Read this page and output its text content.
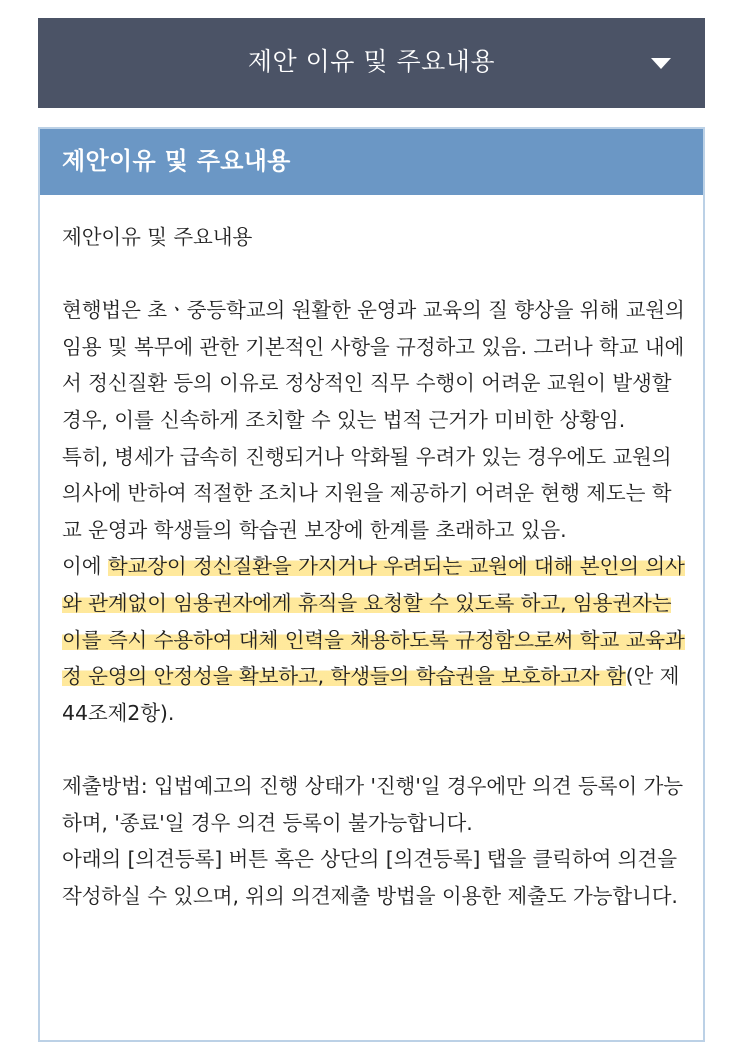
제안 이유 및 주요내용
제안이유 및 주요내용

제안이유 및 주요내용

현행법은 초ㆍ중등학교의 원활한 운영과 교육의 질 향상을 위해 교원의 임용 및 복무에 관한 기본적인 사항을 규정하고 있음. 그러나 학교 내에서 정신질환 등의 이유로 정상적인 직무 수행이 어려운 교원이 발생할 경우, 이를 신속하게 조치할 수 있는 법적 근거가 미비한 상황임.

특히, 병세가 급속히 진행되거나 악화될 우려가 있는 경우에도 교원의 의사에 반하여 적절한 조치나 지원을 제공하기 어려운 현행 제도는 학교 운영과 학생들의 학습권 보장에 한계를 초래하고 있음.

이에 학교장이 정신질환을 가지거나 우려되는 교원에 대해 본인의 의사와 관계없이 임용권자에게 휴직을 요청할 수 있도록 하고, 임용권자는 이를 즉시 수용하여 대체 인력을 채용하도록 규정함으로써 학교 교육과정 운영의 안정성을 확보하고, 학생들의 학습권을 보호하고자 함(안 제44조제2항).

제출방법: 입법예고의 진행 상태가 '진행'일 경우에만 의견 등록이 가능하며, '종료'일 경우 의견 등록이 불가능합니다.

아래의 [의견등록] 버튼 혹은 상단의 [의견등록] 탭을 클릭하여 의견을 작성하실 수 있으며, 위의 의견제출 방법을 이용한 제출도 가능합니다.
